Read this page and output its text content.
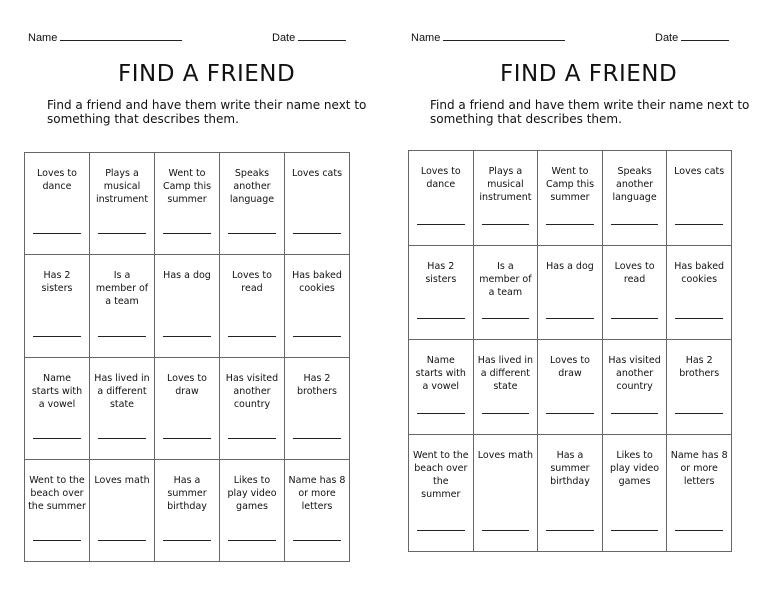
Name	Date
FIND A FRIEND
Find a friend and have them write their name next to
something that describes them.
Loves to dance	Plays a musical instrument	Went to Camp this summer	Speaks another language	Loves cats

Has 2 sisters	Is a member of a team	Has a dog	Loves to read	Has baked cookies

Name starts with a vowel	Has lived in a different state	Loves to draw	Has visited another country	Has 2 brothers

Went to the beach over the summer	Loves math	Has a summer birthday	Likes to play video games	Name has 8 or more letters
Name	Date
FIND A FRIEND
Find a friend and have them write their name next to
something that describes them.
Loves to dance	Plays a musical instrument	Went to Camp this summer	Speaks another language	Loves cats

Has 2 sisters	Is a member of a team	Has a dog	Loves to read	Has baked cookies

Name starts with a vowel	Has lived in a different state	Loves to draw	Has visited another country	Has 2 brothers

Went to the beach over the summer	Loves math	Has a summer birthday	Likes to play video games	Name has 8 or more letters
